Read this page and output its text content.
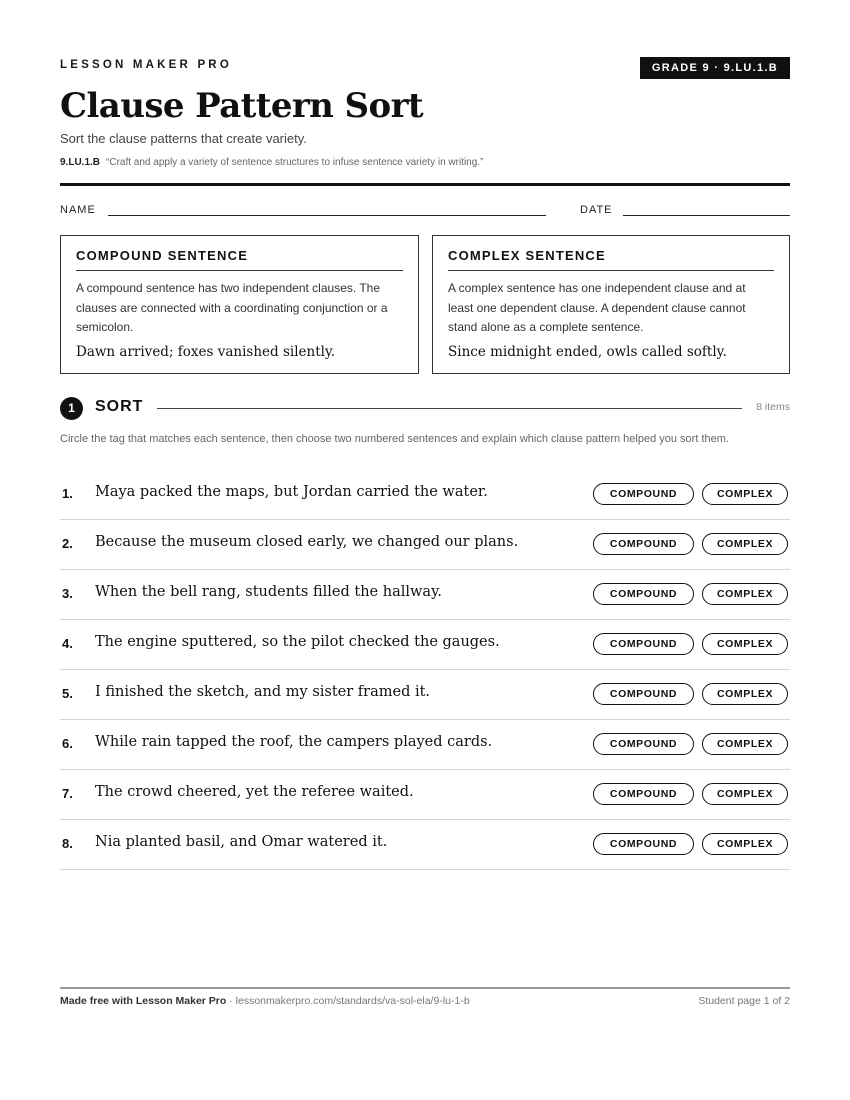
LESSON MAKER PRO	GRADE 9 · 9.LU.1.B
Clause Pattern Sort
Sort the clause patterns that create variety.
9.LU.1.B “Craft and apply a variety of sentence structures to infuse sentence variety in writing.”
NAME	DATE
COMPOUND SENTENCE
A compound sentence has two independent clauses. The clauses are connected with a coordinating conjunction or a semicolon.
Dawn arrived; foxes vanished silently.
COMPLEX SENTENCE
A complex sentence has one independent clause and at least one dependent clause. A dependent clause cannot stand alone as a complete sentence.
Since midnight ended, owls called softly.
1	SORT	8 items
Circle the tag that matches each sentence, then choose two numbered sentences and explain which clause pattern helped you sort them.
1. Maya packed the maps, but Jordan carried the water.	COMPOUND	COMPLEX
2. Because the museum closed early, we changed our plans.	COMPOUND	COMPLEX
3. When the bell rang, students filled the hallway.	COMPOUND	COMPLEX
4. The engine sputtered, so the pilot checked the gauges.	COMPOUND	COMPLEX
5. I finished the sketch, and my sister framed it.	COMPOUND	COMPLEX
6. While rain tapped the roof, the campers played cards.	COMPOUND	COMPLEX
7. The crowd cheered, yet the referee waited.	COMPOUND	COMPLEX
8. Nia planted basil, and Omar watered it.	COMPOUND	COMPLEX
Made free with Lesson Maker Pro · lessonmakerpro.com/standards/va-sol-ela/9-lu-1-b	Student page 1 of 2
